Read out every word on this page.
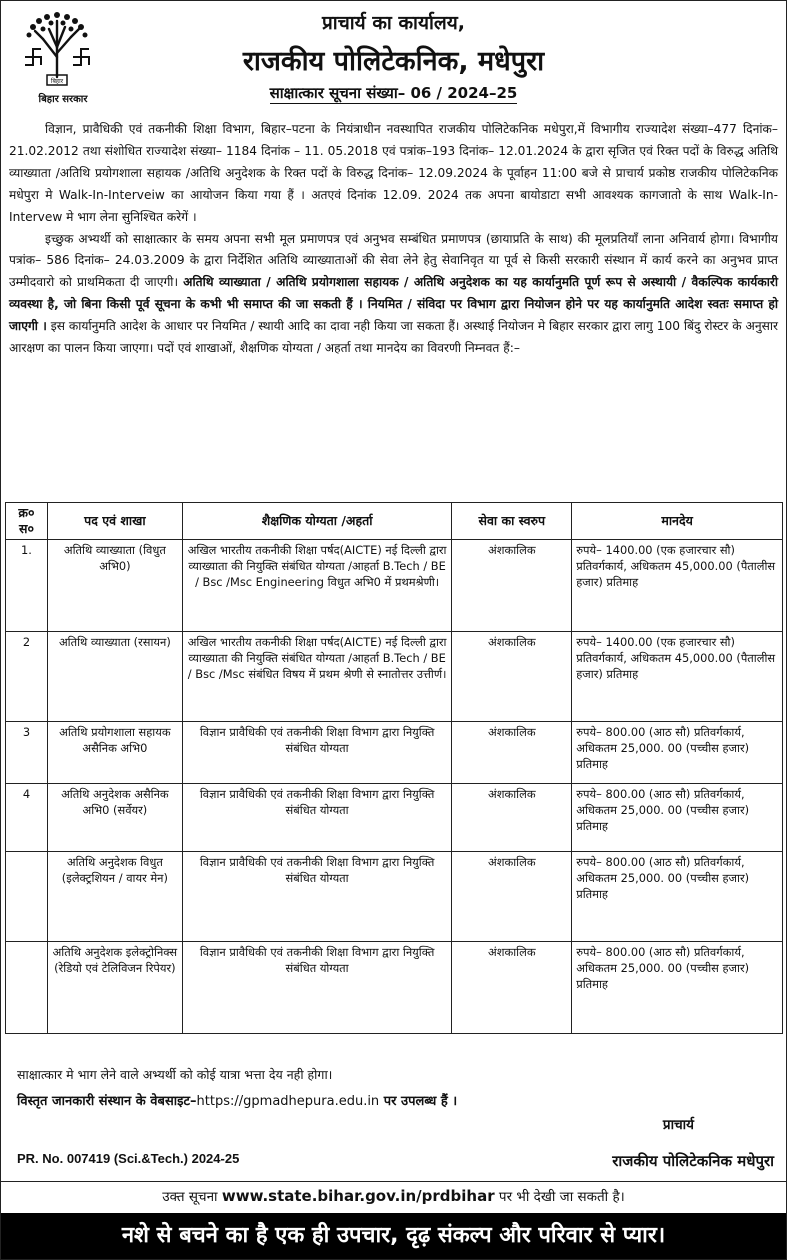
बिहार
बिहार सरकार
प्राचार्य का कार्यालय,
राजकीय पोलिटेकनिक, मधेपुरा
साक्षात्कार सूचना संख्या– 06 / 2024–25

विज्ञान, प्रावैधिकी एवं तकनीकी शिक्षा विभाग, बिहार–पटना के नियंत्राधीन नवस्थापित राजकीय पोलिटेकनिक मधेपुरा,में विभागीय राज्यादेश संख्या–477 दिनांक– 21.02.2012 तथा संशोधित राज्यादेश संख्या– 1184 दिनांक – 11. 05.2018 एवं पत्रांक–193 दिनांक– 12.01.2024 के द्वारा सृजित एवं रिक्त पदों के विरुद्ध अतिथि व्याख्याता /अतिथि प्रयोगशाला सहायक /अतिथि अनुदेशक के रिक्त पदों के विरुद्ध दिनांक– 12.09.2024 के पूर्वाहन 11:00 बजे से प्राचार्य प्रकोष्ठ राजकीय पोलिटेकनिक मधेपुरा मे Walk-In-Interveiw का आयोजन किया गया हैं । अतएवं दिनांक 12.09. 2024 तक अपना बायोडाटा सभी आवश्यक कागजातो के साथ Walk-In-Intervew मे भाग लेना सुनिश्चित करेगें ।

इच्छुक अभ्यर्थी को साक्षात्कार के समय अपना सभी मूल प्रमाणपत्र एवं अनुभव सम्बंधित प्रमाणपत्र (छायाप्रति के साथ) की मूलप्रतियाँ लाना अनिवार्य होगा। विभागीय पत्रांक– 586 दिनांक– 24.03.2009 के द्वारा निर्देशित अतिथि व्याख्याताओं की सेवा लेने हेतु सेवानिवृत या पूर्व से किसी सरकारी संस्थान में कार्य करने का अनुभव प्राप्त उम्मीदवारो को प्राथमिकता दी जाएगी। अतिथि व्याख्याता / अतिथि प्रयोगशाला सहायक / अतिथि अनुदेशक का यह कार्यानुमति पूर्ण रूप से अस्थायी / वैकल्पिक कार्यकारी व्यवस्था है, जो बिना किसी पूर्व सूचना के कभी भी समाप्त की जा सकती हैं । नियमित / संविदा पर विभाग द्वारा नियोजन होने पर यह कार्यानुमति आदेश स्वतः समाप्त हो जाएगी । इस कार्यानुमति आदेश के आधार पर नियमित / स्थायी आदि का दावा नही किया जा सकता हैं। अस्थाई नियोजन मे बिहार सरकार द्वारा लागु 100 बिंदु रोस्टर के अनुसार आरक्षण का पालन किया जाएगा। पदों एवं शाखाओं, शैक्षणिक योग्यता / अहर्ता तथा मानदेय का विवरणी निम्नवत हैं:–

क्र० स०	पद एवं शाखा	शैक्षणिक योग्यता /अहर्ता	सेवा का स्वरुप	मानदेय
1.	अतिथि व्याख्याता (विधुत अभि0)	अखिल भारतीय तकनीकी शिक्षा पर्षद(AICTE) नई दिल्ली द्वारा व्याख्याता की नियुक्ति संबंधित योग्यता /आहर्ता B.Tech / BE / Bsc /Msc Engineering विधुत अभि0 में प्रथमश्रेणी।	अंशकालिक	रुपये– 1400.00 (एक हजारचार सौ) प्रतिवर्गकार्य, अधिकतम 45,000.00 (पैतालीस हजार) प्रतिमाह
2	अतिथि व्याख्याता (रसायन)	अखिल भारतीय तकनीकी शिक्षा पर्षद(AICTE) नई दिल्ली द्वारा व्याख्याता की नियुक्ति संबंधित योग्यता /आहर्ता B.Tech / BE / Bsc /Msc संबंधित विषय में प्रथम श्रेणी से स्नातोत्तर उत्तीर्ण।	अंशकालिक	रुपये– 1400.00 (एक हजारचार सौ) प्रतिवर्गकार्य, अधिकतम 45,000.00 (पैतालीस हजार) प्रतिमाह
3	अतिथि प्रयोगशाला सहायक असैनिक अभि0	विज्ञान प्रावैधिकी एवं तकनीकी शिक्षा विभाग द्वारा नियुक्ति संबंधित योग्यता	अंशकालिक	रुपये– 800.00 (आठ सौ) प्रतिवर्गकार्य, अधिकतम 25,000. 00 (पच्चीस हजार) प्रतिमाह
4	अतिथि अनुदेशक असैनिक अभि0 (सर्वेयर)	विज्ञान प्रावैधिकी एवं तकनीकी शिक्षा विभाग द्वारा नियुक्ति संबंधित योग्यता	अंशकालिक	रुपये– 800.00 (आठ सौ) प्रतिवर्गकार्य, अधिकतम 25,000. 00 (पच्चीस हजार) प्रतिमाह
	अतिथि अनुदेशक विधुत (इलेक्ट्रशियन / वायर मेन)	विज्ञान प्रावैधिकी एवं तकनीकी शिक्षा विभाग द्वारा नियुक्ति संबंधित योग्यता	अंशकालिक	रुपये– 800.00 (आठ सौ) प्रतिवर्गकार्य, अधिकतम 25,000. 00 (पच्चीस हजार) प्रतिमाह
	अतिथि अनुदेशक इलेक्ट्रोनिक्स (रेडियो एवं टेलिविजन रिपेयर)	विज्ञान प्रावैधिकी एवं तकनीकी शिक्षा विभाग द्वारा नियुक्ति संबंधित योग्यता	अंशकालिक	रुपये– 800.00 (आठ सौ) प्रतिवर्गकार्य, अधिकतम 25,000. 00 (पच्चीस हजार) प्रतिमाह
साक्षात्कार मे भाग लेने वाले अभ्यर्थी को कोई यात्रा भत्ता देय नही होगा।
विस्तृत जानकारी संस्थान के वेबसाइट–https://gpmadhepura.edu.in पर उपलब्ध हैं ।
प्राचार्य
PR. No. 007419 (Sci.&Tech.) 2024-25	राजकीय पोलिटेकनिक मधेपुरा
उक्त सूचना www.state.bihar.gov.in/prdbihar पर भी देखी जा सकती है।
नशे से बचने का है एक ही उपचार, दृढ़ संकल्प और परिवार से प्यार।
